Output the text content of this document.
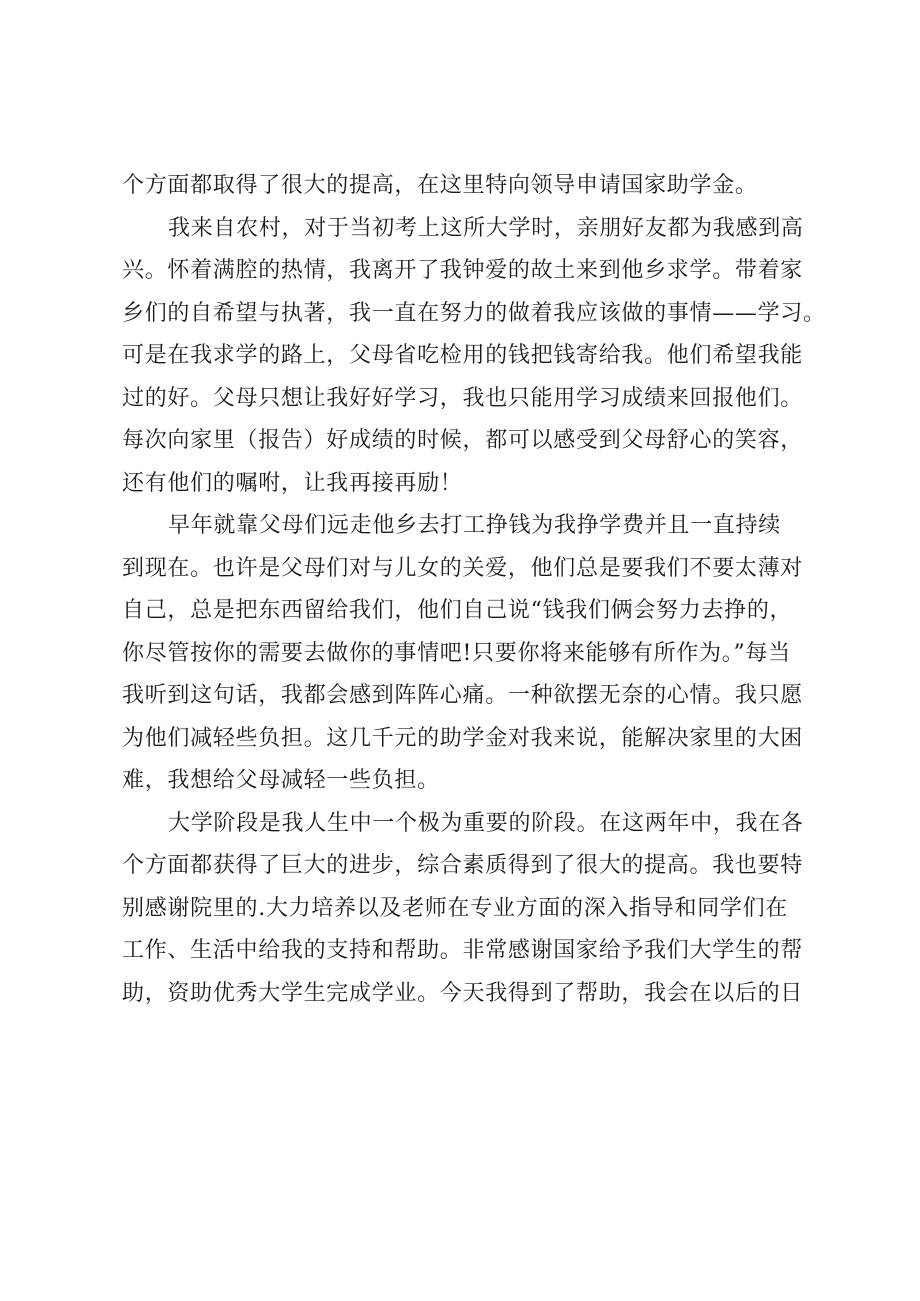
个方面都取得了很大的提高，在这里特向领导申请国家助学金。
我来自农村，对于当初考上这所大学时，亲朋好友都为我感到高
兴。怀着满腔的热情，我离开了我钟爱的故土来到他乡求学。带着家
乡们的自希望与执著，我一直在努力的做着我应该做的事情——学习。
可是在我求学的路上，父母省吃检用的钱把钱寄给我。他们希望我能
过的好。父母只想让我好好学习，我也只能用学习成绩来回报他们。
每次向家里（报告）好成绩的时候，都可以感受到父母舒心的笑容，
还有他们的嘱咐，让我再接再励！
早年就靠父母们远走他乡去打工挣钱为我挣学费并且一直持续
到现在。也许是父母们对与儿女的关爱，他们总是要我们不要太薄对
自己，总是把东西留给我们，他们自己说“钱我们俩会努力去挣的，
你尽管按你的需要去做你的事情吧!只要你将来能够有所作为。”每当
我听到这句话，我都会感到阵阵心痛。一种欲摆无奈的心情。我只愿
为他们减轻些负担。这几千元的助学金对我来说，能解决家里的大困
难，我想给父母减轻一些负担。
大学阶段是我人生中一个极为重要的阶段。在这两年中，我在各
个方面都获得了巨大的进步，综合素质得到了很大的提高。我也要特
别感谢院里的.大力培养以及老师在专业方面的深入指导和同学们在
工作、生活中给我的支持和帮助。非常感谢国家给予我们大学生的帮
助，资助优秀大学生完成学业。今天我得到了帮助，我会在以后的日
